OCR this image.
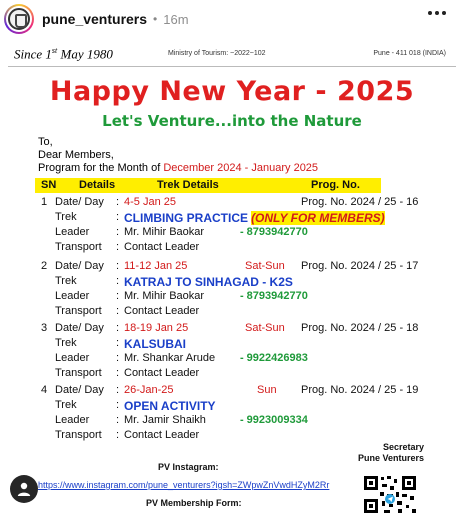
pune_venturers • 16m
Since 1st May 1980	Ministry of Tourism: ~2022~102	Pune - 411 018 (INDIA)
Happy New Year - 2025
Let's Venture...into the Nature
To,
Dear Members,
Program for the Month of December 2024 - January 2025
SN Details	Trek Details	Prog. No.
1 Date/ Day : 4-5 Jan 25	Prog. No. 2024 / 25 - 16
Trek	: CLIMBING PRACTICE (ONLY FOR MEMBERS)
Leader : Mr. Mihir Baokar	- 8793942770
Transport : Contact Leader
2 Date/ Day : 11-12 Jan 25	Sat-Sun Prog. No. 2024 / 25 - 17
Trek	: KATRAJ TO SINHAGAD - K2S
Leader : Mr. Mihir Baokar	- 8793942770
Transport : Contact Leader
3 Date/ Day : 18-19 Jan 25	Sat-Sun Prog. No. 2024 / 25 - 18
Trek	: KALSUBAI
Leader : Mr. Shankar Arude - 9922426983
Transport : Contact Leader
4 Date/ Day : 26-Jan-25	Sun Prog. No. 2024 / 25 - 19
Trek	: OPEN ACTIVITY
Leader : Mr. Jamir Shaikh	- 9923009334
Transport : Contact Leader
Secretary
Pune Venturers
PV Instagram:
https://www.instagram.com/pune_venturers?igsh=ZWpwZnVwdHZyM2Rr
PV Membership Form:
